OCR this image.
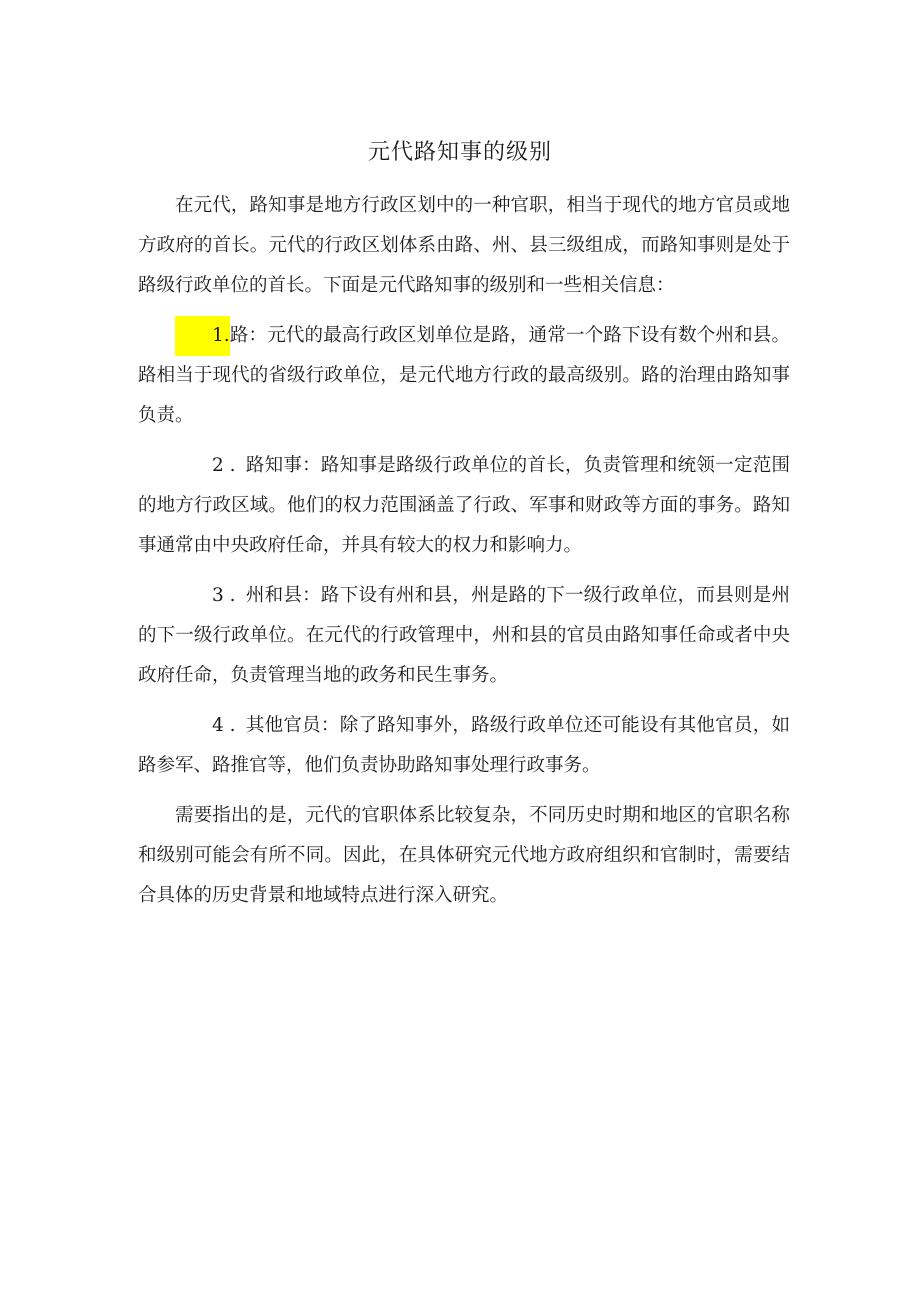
元代路知事的级别

在元代，路知事是地方行政区划中的一种官职，相当于现代的地方官员或地方政府的首长。元代的行政区划体系由路、州、县三级组成，而路知事则是处于路级行政单位的首长。下面是元代路知事的级别和一些相关信息：

1.路：元代的最高行政区划单位是路，通常一个路下设有数个州和县。路相当于现代的省级行政单位，是元代地方行政的最高级别。路的治理由路知事负责。

2 . 路知事：路知事是路级行政单位的首长，负责管理和统领一定范围的地方行政区域。他们的权力范围涵盖了行政、军事和财政等方面的事务。路知事通常由中央政府任命，并具有较大的权力和影响力。

3 . 州和县：路下设有州和县，州是路的下一级行政单位，而县则是州的下一级行政单位。在元代的行政管理中，州和县的官员由路知事任命或者中央政府任命，负责管理当地的政务和民生事务。

4 . 其他官员：除了路知事外，路级行政单位还可能设有其他官员，如路参军、路推官等，他们负责协助路知事处理行政事务。

需要指出的是，元代的官职体系比较复杂，不同历史时期和地区的官职名称和级别可能会有所不同。因此，在具体研究元代地方政府组织和官制时，需要结合具体的历史背景和地域特点进行深入研究。
